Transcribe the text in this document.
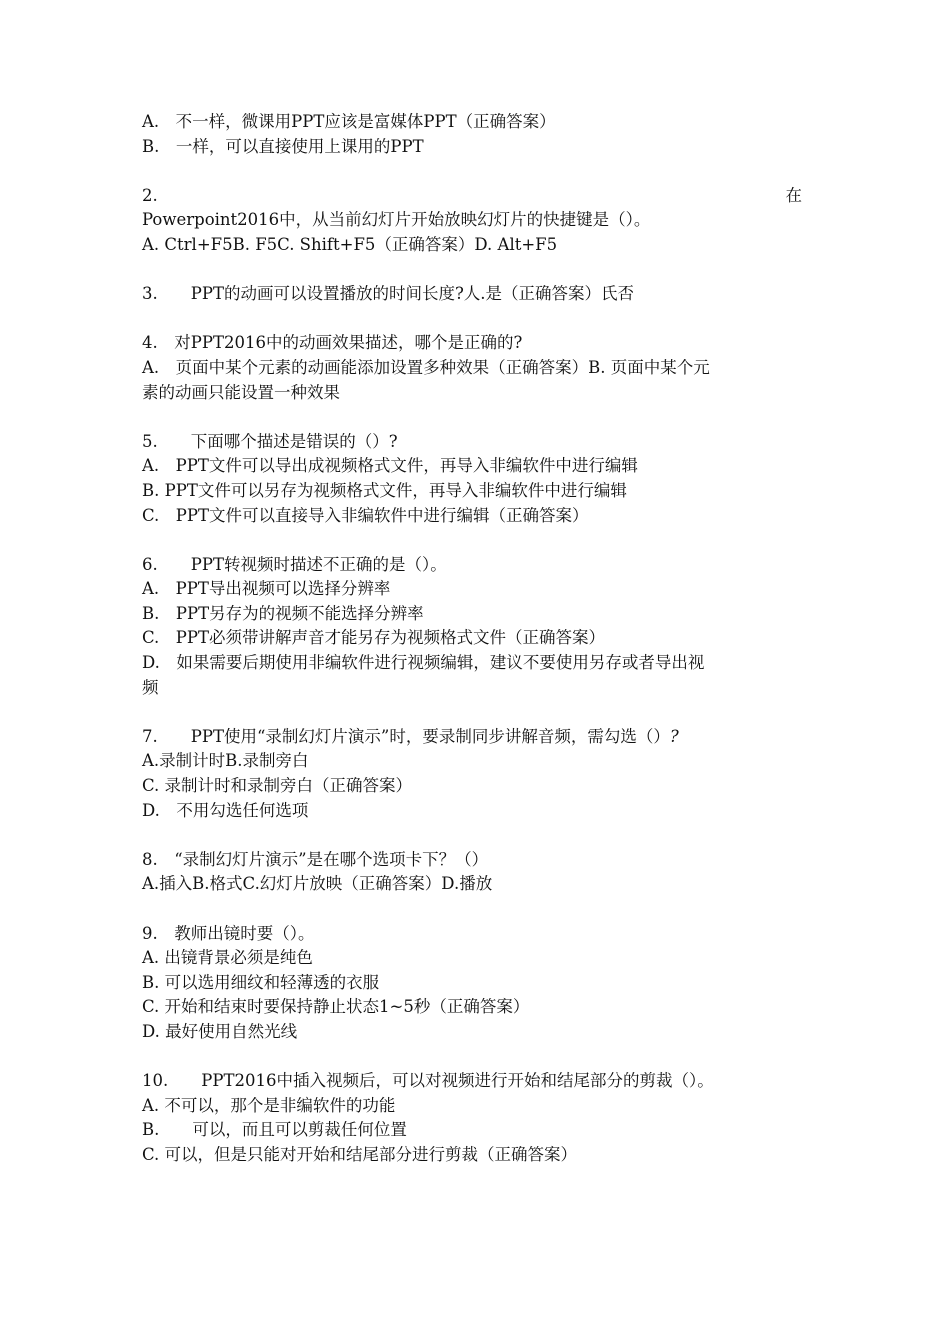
A.　不一样，微课用PPT应该是富媒体PPT（正确答案）
B.　一样，可以直接使用上课用的PPT
2.	在
Powerpoint2016中，从当前幻灯片开始放映幻灯片的快捷键是（）。
A. Ctrl+F5B. F5C. Shift+F5（正确答案）D. Alt+F5
3.　　PPT的动画可以设置播放的时间长度?人.是（正确答案）氏否
4.　对PPT2016中的动画效果描述，哪个是正确的?
A.　页面中某个元素的动画能添加设置多种效果（正确答案）B. 页面中某个元
素的动画只能设置一种效果
5.　　下面哪个描述是错误的（）?
A.　PPT文件可以导出成视频格式文件，再导入非编软件中进行编辑
B. PPT文件可以另存为视频格式文件，再导入非编软件中进行编辑
C.　PPT文件可以直接导入非编软件中进行编辑（正确答案）
6.　　PPT转视频时描述不正确的是（）。
A.　PPT导出视频可以选择分辨率
B.　PPT另存为的视频不能选择分辨率
C.　PPT必须带讲解声音才能另存为视频格式文件（正确答案）
D.　如果需要后期使用非编软件进行视频编辑，建议不要使用另存或者导出视
频
7.　　PPT使用“录制幻灯片演示”时，要录制同步讲解音频，需勾选（）?
A.录制计时B.录制旁白
C. 录制计时和录制旁白（正确答案）
D.　不用勾选任何选项
8.　“录制幻灯片演示”是在哪个选项卡下？（）
A.插入B.格式C.幻灯片放映（正确答案）D.播放
9.　教师出镜时要（）。
A. 出镜背景必须是纯色
B. 可以选用细纹和轻薄透的衣服
C. 开始和结束时要保持静止状态1~5秒（正确答案）
D. 最好使用自然光线
10.　　PPT2016中插入视频后，可以对视频进行开始和结尾部分的剪裁（）。
A. 不可以，那个是非编软件的功能
B.　　可以，而且可以剪裁任何位置
C. 可以，但是只能对开始和结尾部分进行剪裁（正确答案）
